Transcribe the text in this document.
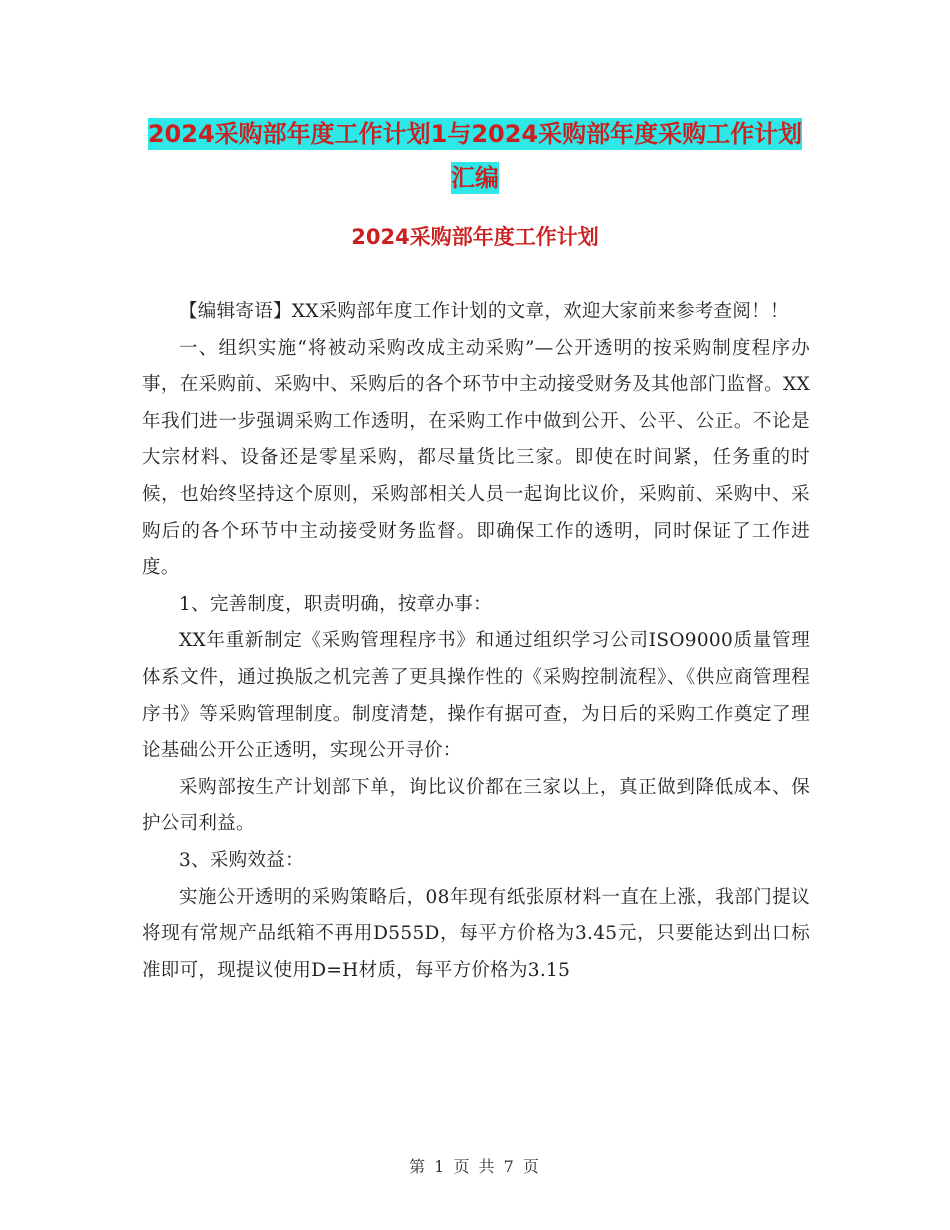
2024采购部年度工作计划1与2024采购部年度采购工作计划汇编
2024采购部年度工作计划

【编辑寄语】XX采购部年度工作计划的文章，欢迎大家前来参考查阅！！

一、组织实施“将被动采购改成主动采购”—公开透明的按采购制度程序办事，在采购前、采购中、采购后的各个环节中主动接受财务及其他部门监督。XX年我们进一步强调采购工作透明，在采购工作中做到公开、公平、公正。不论是大宗材料、设备还是零星采购，都尽量货比三家。即使在时间紧，任务重的时候，也始终坚持这个原则，采购部相关人员一起询比议价，采购前、采购中、采购后的各个环节中主动接受财务监督。即确保工作的透明，同时保证了工作进度。

1、完善制度，职责明确，按章办事：

XX年重新制定《采购管理程序书》和通过组织学习公司ISO9000质量管理体系文件，通过换版之机完善了更具操作性的《采购控制流程》、《供应商管理程序书》等采购管理制度。制度清楚，操作有据可查，为日后的采购工作奠定了理论基础公开公正透明，实现公开寻价：

采购部按生产计划部下单，询比议价都在三家以上，真正做到降低成本、保护公司利益。

3、采购效益：

实施公开透明的采购策略后，08年现有纸张原材料一直在上涨，我部门提议将现有常规产品纸箱不再用D555D，每平方价格为3.45元，只要能达到出口标准即可，现提议使用D=H材质，每平方价格为3.15

第 1 页 共 7 页
